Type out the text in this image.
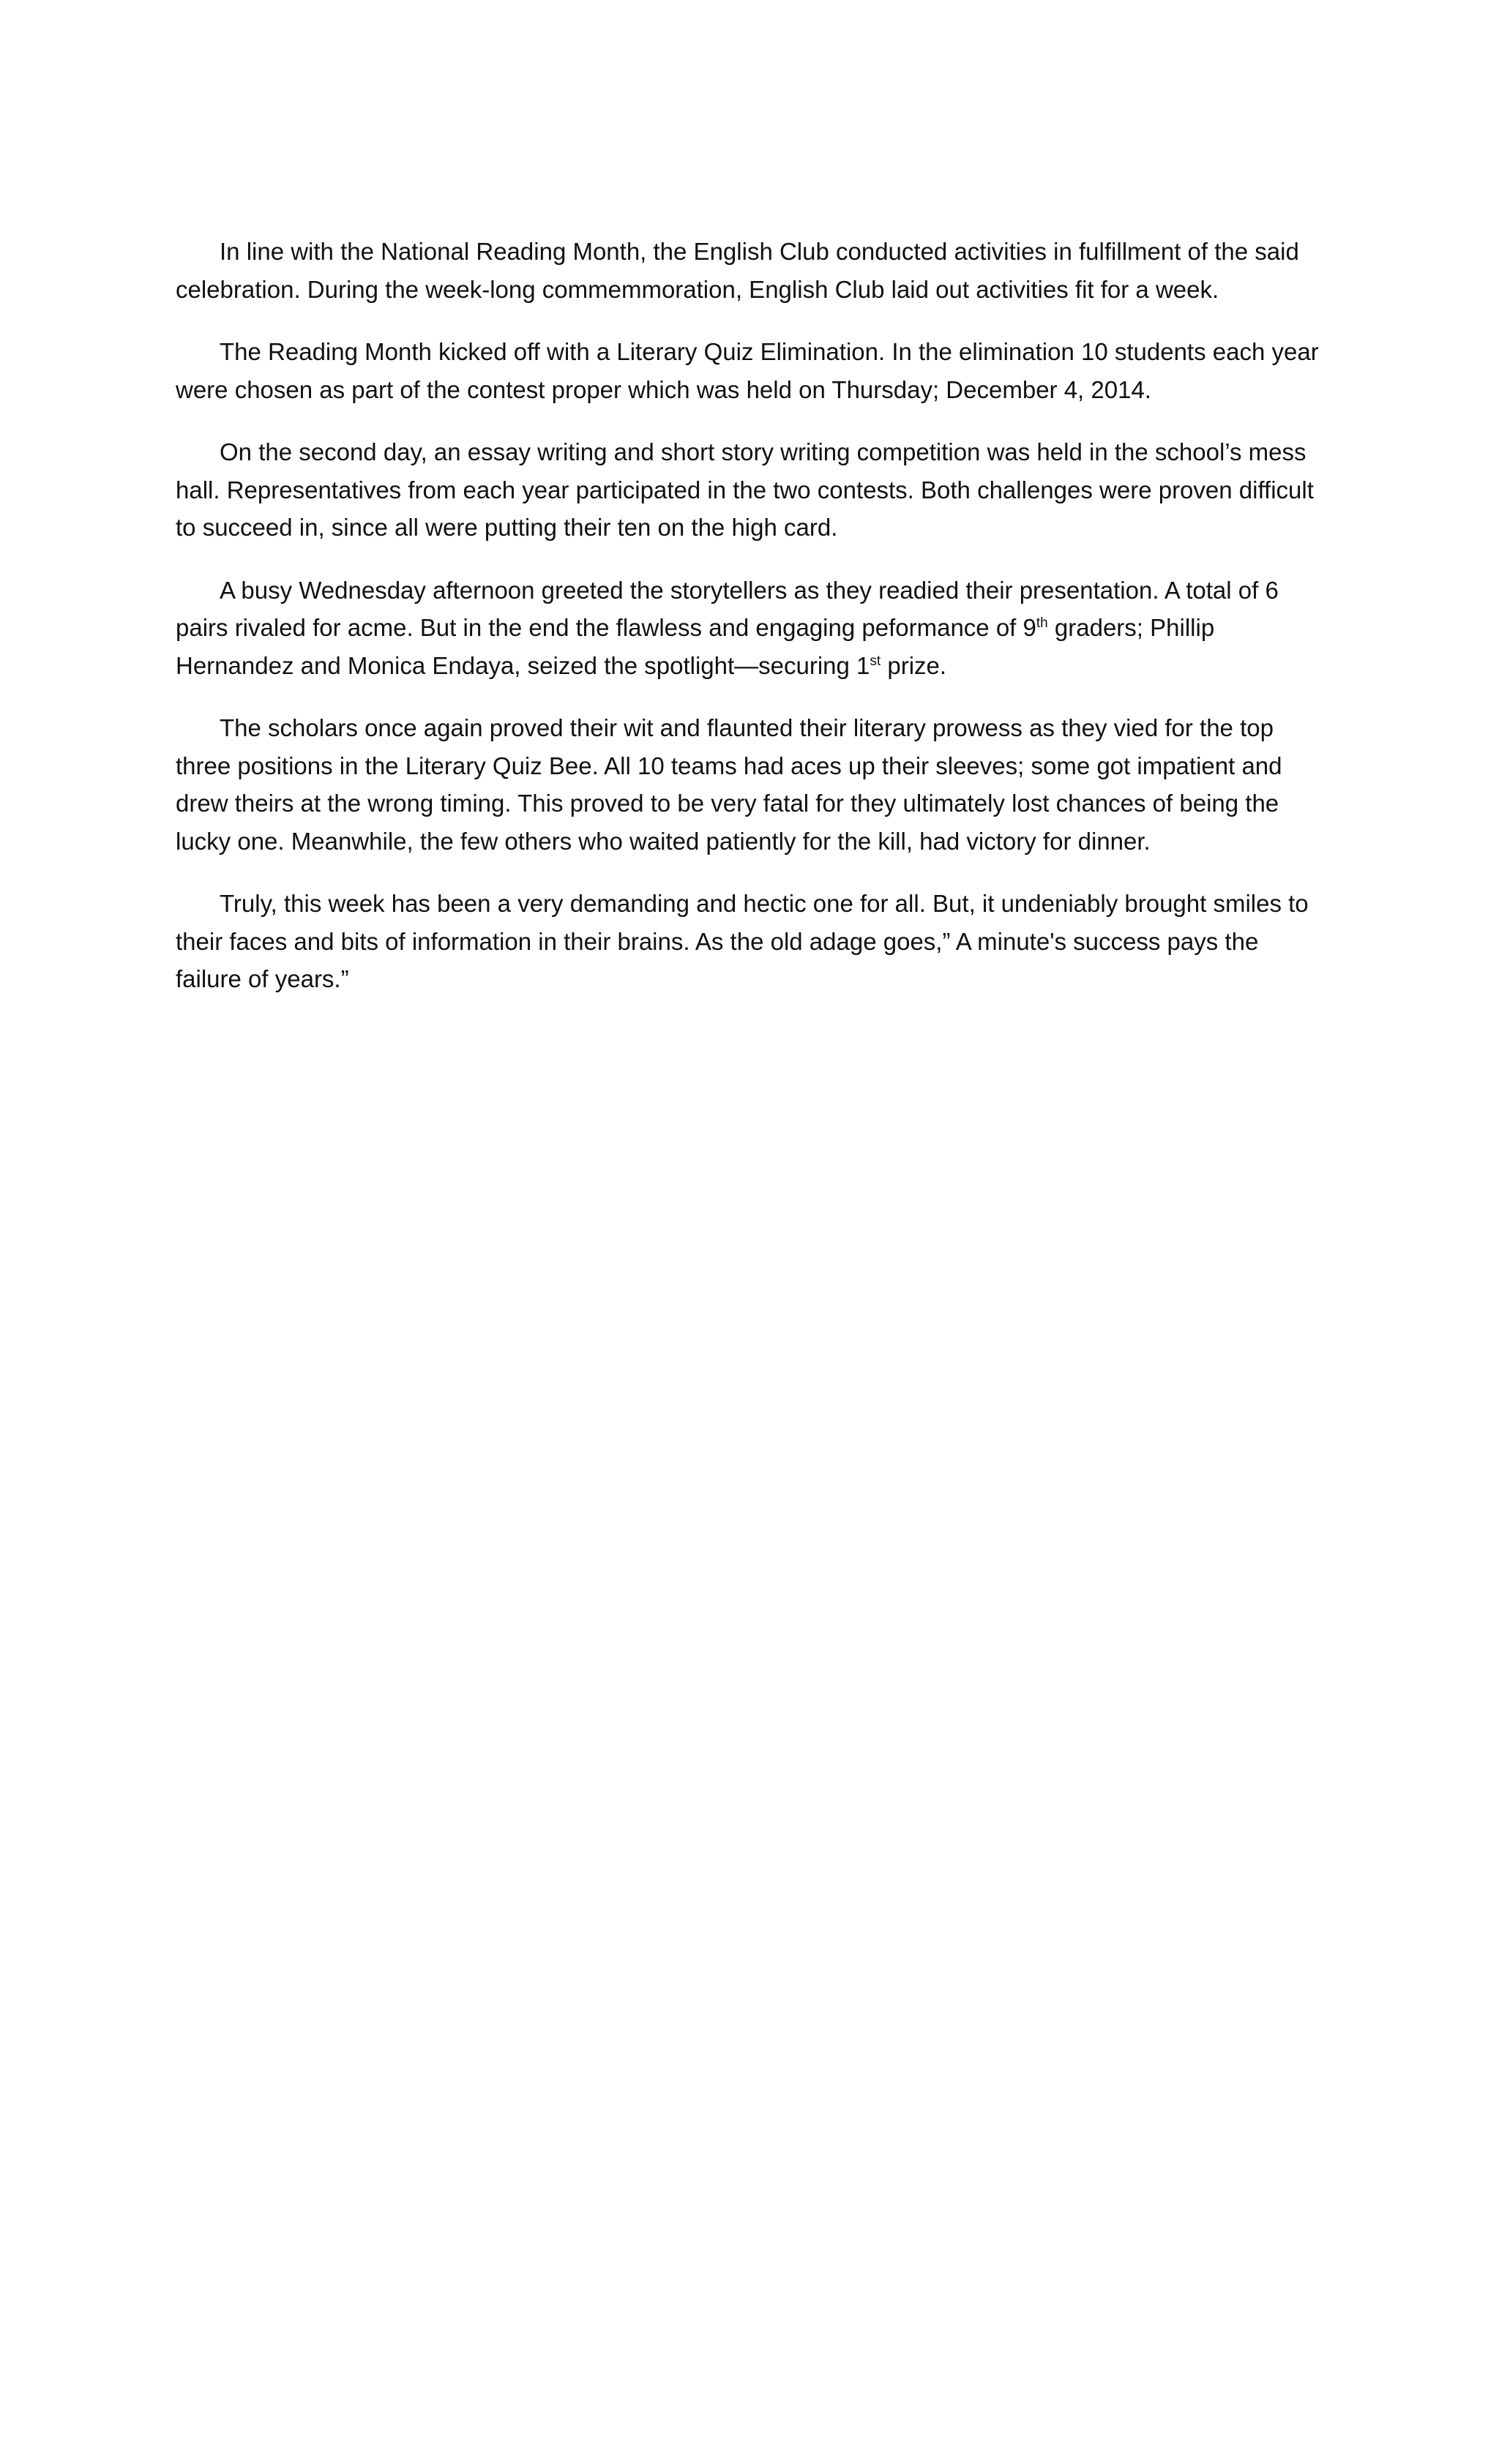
In line with the National Reading Month, the English Club conducted activities in fulfillment of the said celebration. During the week-long commemmoration, English Club laid out activities fit for a week.

The Reading Month kicked off with a Literary Quiz Elimination. In the elimination 10 students each year were chosen as part of the contest proper which was held on Thursday; December 4, 2014.

On the second day, an essay writing and short story writing competition was held in the school’s mess hall. Representatives from each year participated in the two contests. Both challenges were proven difficult to succeed in, since all were putting their ten on the high card.

A busy Wednesday afternoon greeted the storytellers as they readied their presentation. A total of 6 pairs rivaled for acme. But in the end the flawless and engaging peformance of 9th graders; Phillip Hernandez and Monica Endaya, seized the spotlight—securing 1st prize.

The scholars once again proved their wit and flaunted their literary prowess as they vied for the top three positions in the Literary Quiz Bee. All 10 teams had aces up their sleeves; some got impatient and drew theirs at the wrong timing. This proved to be very fatal for they ultimately lost chances of being the lucky one. Meanwhile, the few others who waited patiently for the kill, had victory for dinner.

Truly, this week has been a very demanding and hectic one for all. But, it undeniably brought smiles to their faces and bits of information in their brains. As the old adage goes,” A minute's success pays the failure of years.”
